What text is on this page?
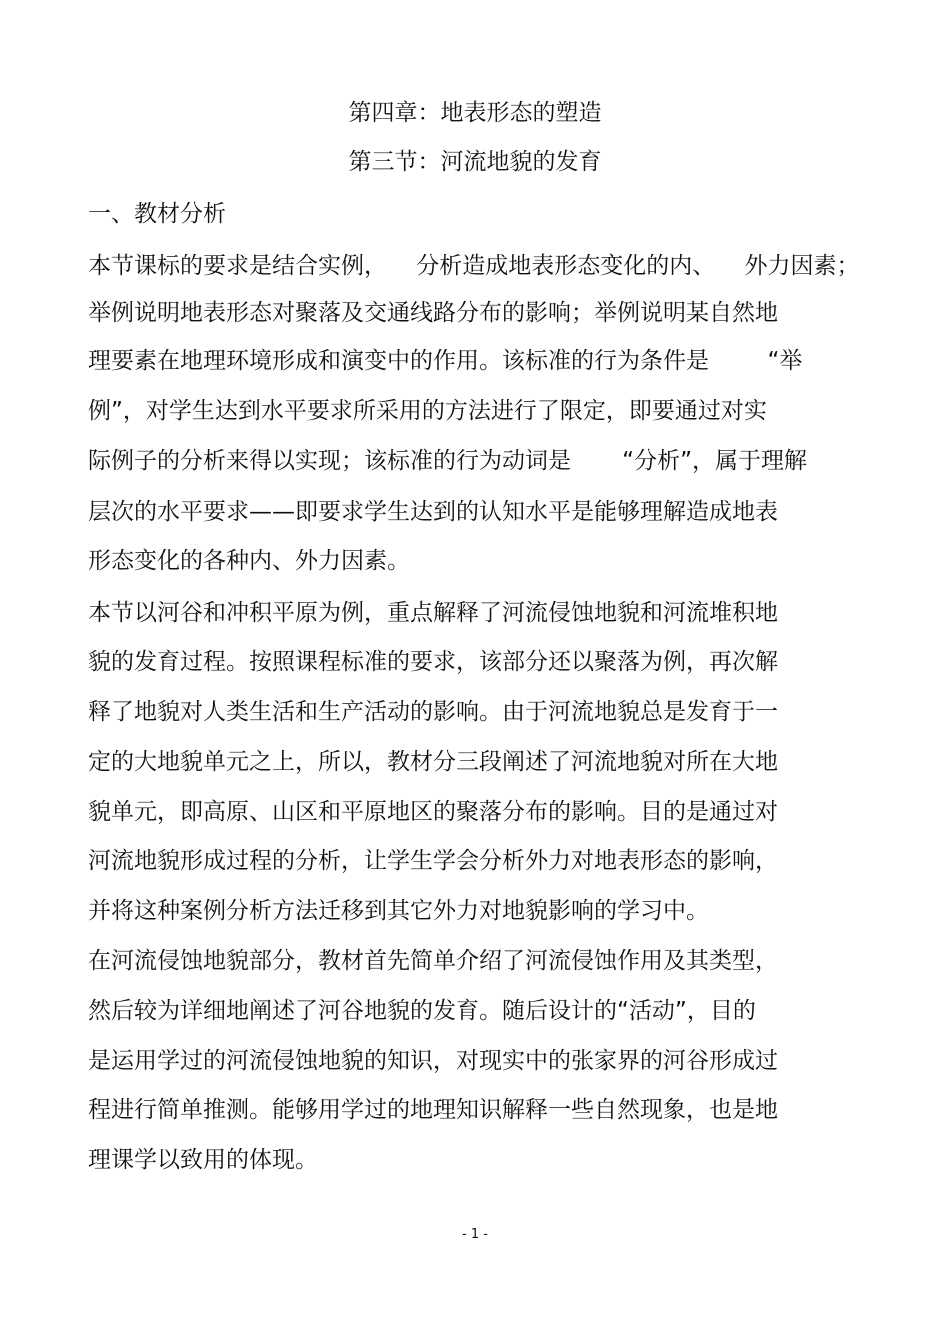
第四章：地表形态的塑造
第三节：河流地貌的发育
一、教材分析
本节课标的要求是结合实例，    分析造成地表形态变化的内、    外力因素；
举例说明地表形态对聚落及交通线路分布的影响；举例说明某自然地
理要素在地理环境形成和演变中的作用。该标准的行为条件是        “举
例”，对学生达到水平要求所采用的方法进行了限定，即要通过对实
际例子的分析来得以实现；该标准的行为动词是       “分析”，属于理解
层次的水平要求——即要求学生达到的认知水平是能够理解造成地表
形态变化的各种内、外力因素。
本节以河谷和冲积平原为例，重点解释了河流侵蚀地貌和河流堆积地
貌的发育过程。按照课程标准的要求，该部分还以聚落为例，再次解
释了地貌对人类生活和生产活动的影响。由于河流地貌总是发育于一
定的大地貌单元之上，所以，教材分三段阐述了河流地貌对所在大地
貌单元，即高原、山区和平原地区的聚落分布的影响。目的是通过对
河流地貌形成过程的分析，让学生学会分析外力对地表形态的影响，
并将这种案例分析方法迁移到其它外力对地貌影响的学习中。
在河流侵蚀地貌部分，教材首先简单介绍了河流侵蚀作用及其类型，
然后较为详细地阐述了河谷地貌的发育。随后设计的“活动”，目的
是运用学过的河流侵蚀地貌的知识，对现实中的张家界的河谷形成过
程进行简单推测。能够用学过的地理知识解释一些自然现象，也是地
理课学以致用的体现。
- 1 -
